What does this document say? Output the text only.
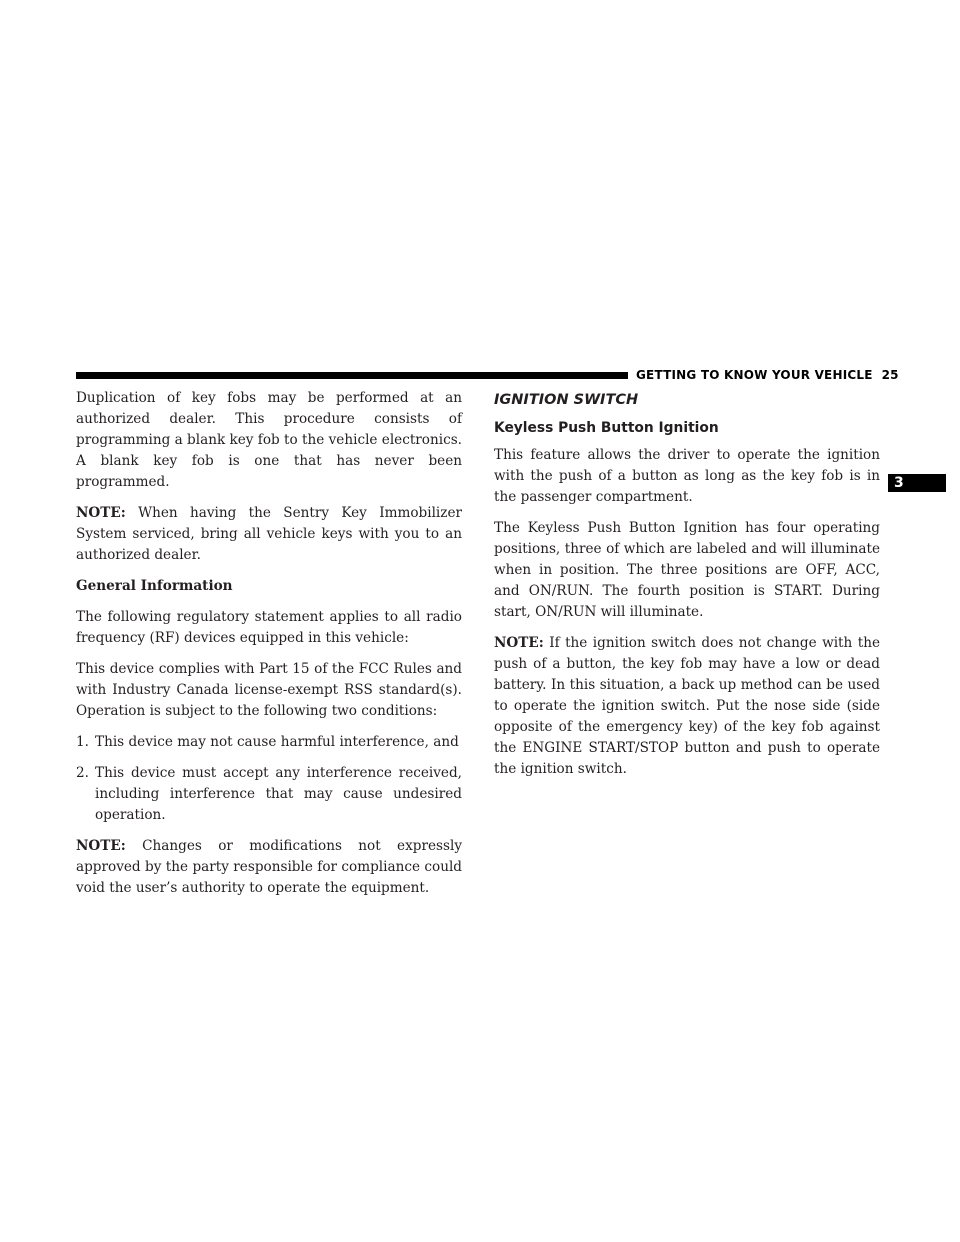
GETTING TO KNOW YOUR VEHICLE 25
3

Duplication of key fobs may be performed at an authorized dealer. This procedure consists of programming a blank key fob to the vehicle electronics. A blank key fob is one that has never been programmed.

NOTE: When having the Sentry Key Immobilizer System serviced, bring all vehicle keys with you to an authorized dealer.

General Information

The following regulatory statement applies to all radio frequency (RF) devices equipped in this vehicle:

This device complies with Part 15 of the FCC Rules and with Industry Canada license-exempt RSS standard(s). Operation is subject to the following two conditions:

1. This device may not cause harmful interference, and
2. This device must accept any interference received, including interference that may cause undesired operation.

NOTE: Changes or modifications not expressly approved by the party responsible for compliance could void the user’s authority to operate the equipment.

IGNITION SWITCH
Keyless Push Button Ignition

This feature allows the driver to operate the ignition with the push of a button as long as the key fob is in the passenger compartment.

The Keyless Push Button Ignition has four operating positions, three of which are labeled and will illuminate when in position. The three positions are OFF, ACC, and ON/RUN. The fourth position is START. During start, ON/RUN will illuminate.

NOTE: If the ignition switch does not change with the push of a button, the key fob may have a low or dead battery. In this situation, a back up method can be used to operate the ignition switch. Put the nose side (side opposite of the emergency key) of the key fob against the ENGINE START/STOP button and push to operate the ignition switch.
